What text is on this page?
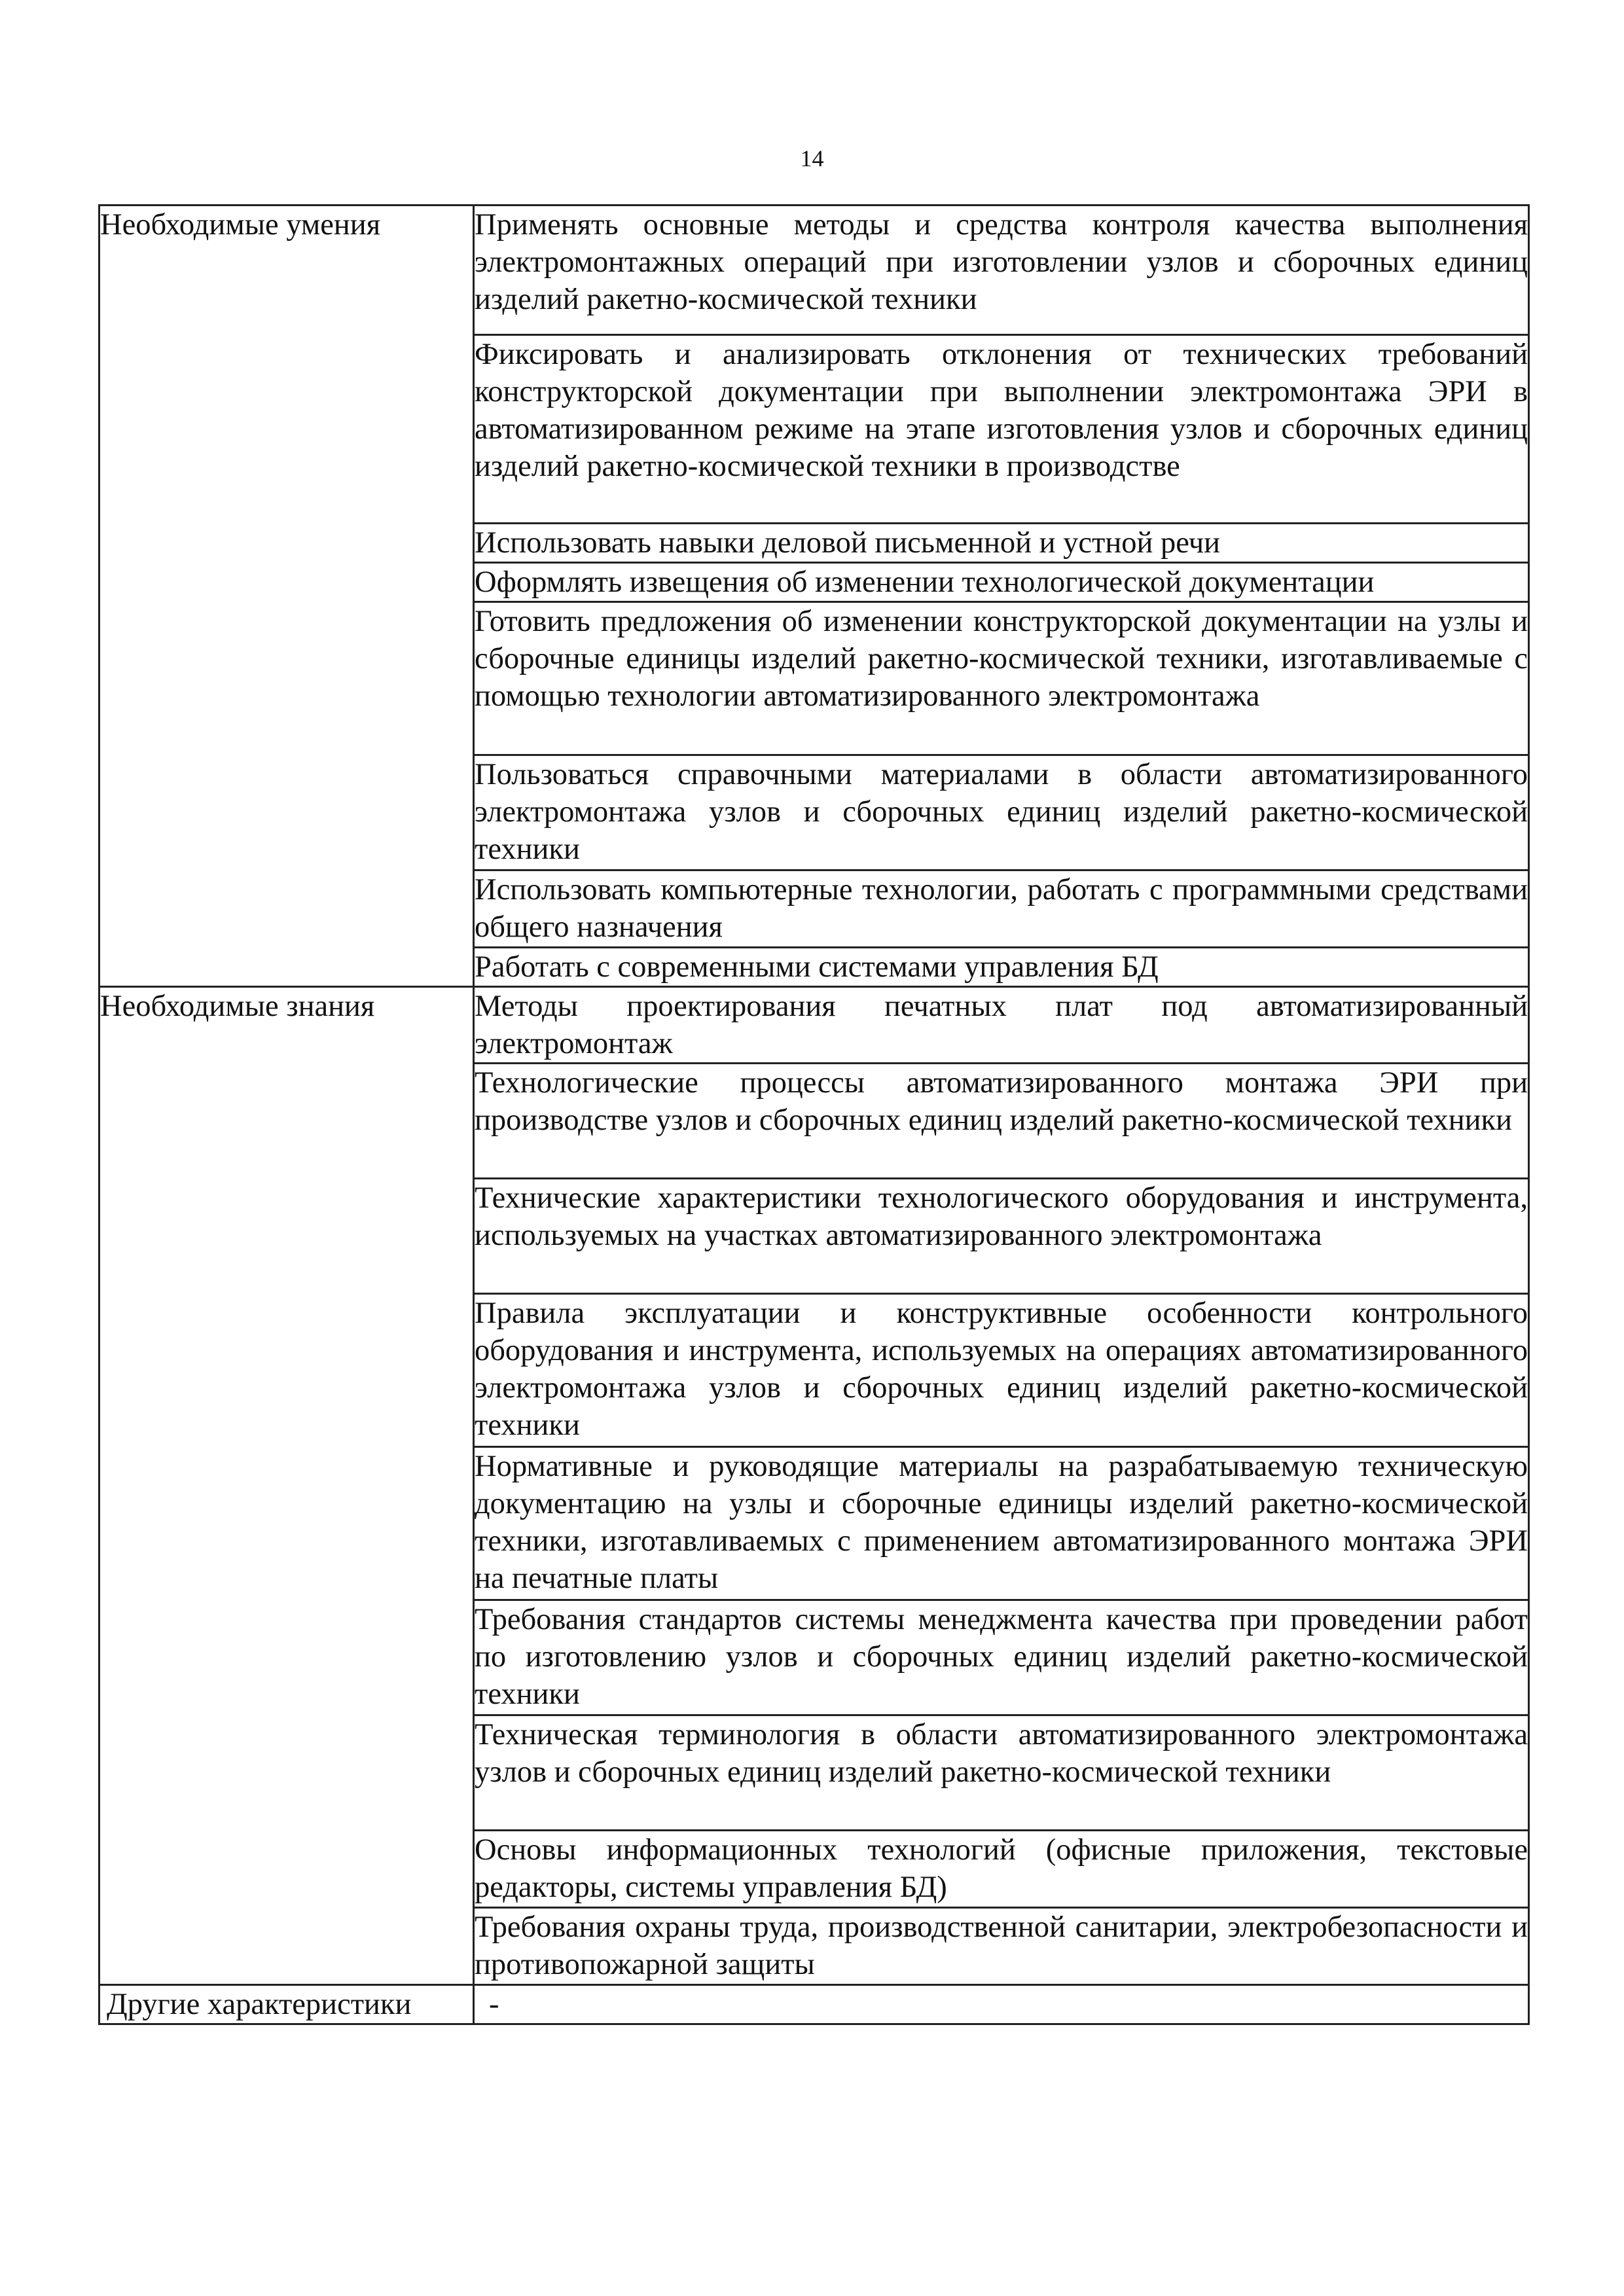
14
Необходимые умения	Применять основные методы и средства контроля качества выполнения электромонтажных операций при изготовлении узлов и сборочных единиц изделий ракетно-космической техники
	Фиксировать и анализировать отклонения от технических требований конструкторской документации при выполнении электромонтажа ЭРИ в автоматизированном режиме на этапе изготовления узлов и сборочных единиц изделий ракетно-космической техники в производстве
	Использовать навыки деловой письменной и устной речи
	Оформлять извещения об изменении технологической документации
	Готовить предложения об изменении конструкторской документации на узлы и сборочные единицы изделий ракетно-космической техники, изготавливаемые с помощью технологии автоматизированного электромонтажа
	Пользоваться справочными материалами в области автоматизированного электромонтажа узлов и сборочных единиц изделий ракетно-космической техники
	Использовать компьютерные технологии, работать с программными средствами общего назначения
	Работать с современными системами управления БД
Необходимые знания	Методы проектирования печатных плат под автоматизированный электромонтаж
	Технологические процессы автоматизированного монтажа ЭРИ при производстве узлов и сборочных единиц изделий ракетно-космической техники
	Технические характеристики технологического оборудования и инструмента, используемых на участках автоматизированного электромонтажа
	Правила эксплуатации и конструктивные особенности контрольного оборудования и инструмента, используемых на операциях автоматизированного электромонтажа узлов и сборочных единиц изделий ракетно-космической техники
	Нормативные и руководящие материалы на разрабатываемую техническую документацию на узлы и сборочные единицы изделий ракетно-космической техники, изготавливаемых с применением автоматизированного монтажа ЭРИ на печатные платы
	Требования стандартов системы менеджмента качества при проведении работ по изготовлению узлов и сборочных единиц изделий ракетно-космической техники
	Техническая терминология в области автоматизированного электромонтажа узлов и сборочных единиц изделий ракетно-космической техники
	Основы информационных технологий (офисные приложения, текстовые редакторы, системы управления БД)
	Требования охраны труда, производственной санитарии, электробезопасности и противопожарной защиты
Другие характеристики	-
